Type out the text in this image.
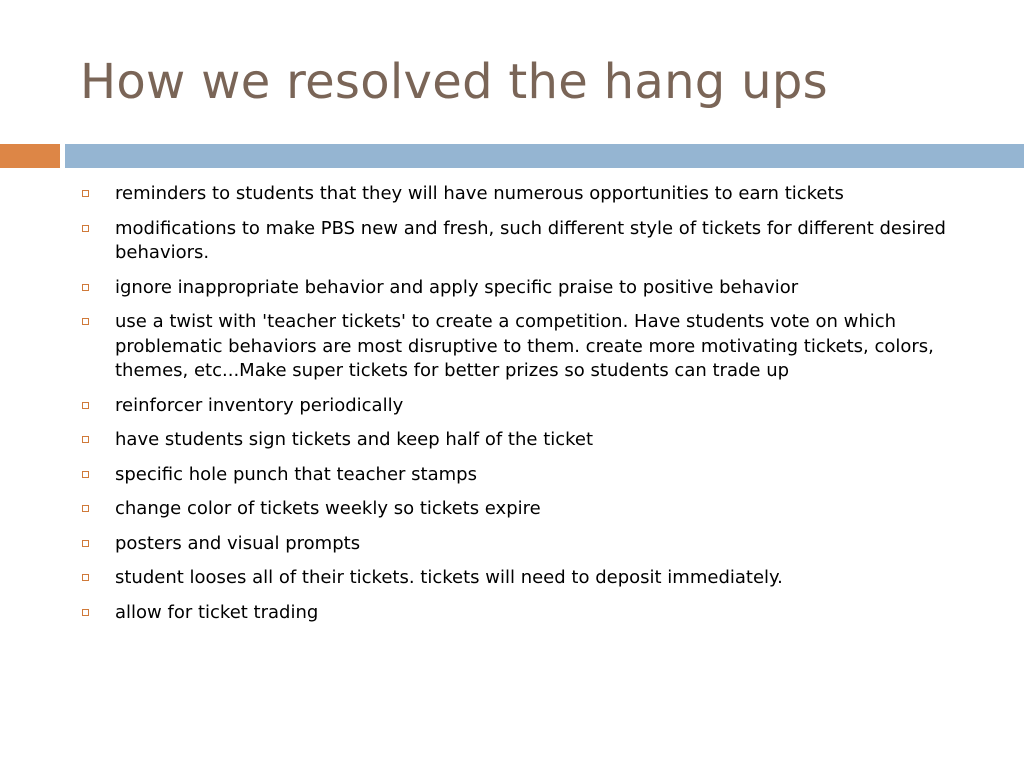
How we resolved the hang ups
reminders to students that they will have numerous opportunities to earn tickets
modifications to make PBS new and fresh, such different style of tickets for different desired behaviors.
ignore inappropriate behavior and apply specific praise to positive behavior
use a twist with 'teacher tickets' to create a competition. Have students vote on which problematic behaviors are most disruptive to them. create more motivating tickets, colors, themes, etc...Make super tickets for better prizes so students can trade up
reinforcer inventory periodically
have students sign tickets and keep half of the ticket
specific hole punch that teacher stamps
change color of tickets weekly so tickets expire
posters and visual prompts
student looses all of their tickets. tickets will need to deposit immediately.
allow for ticket trading
